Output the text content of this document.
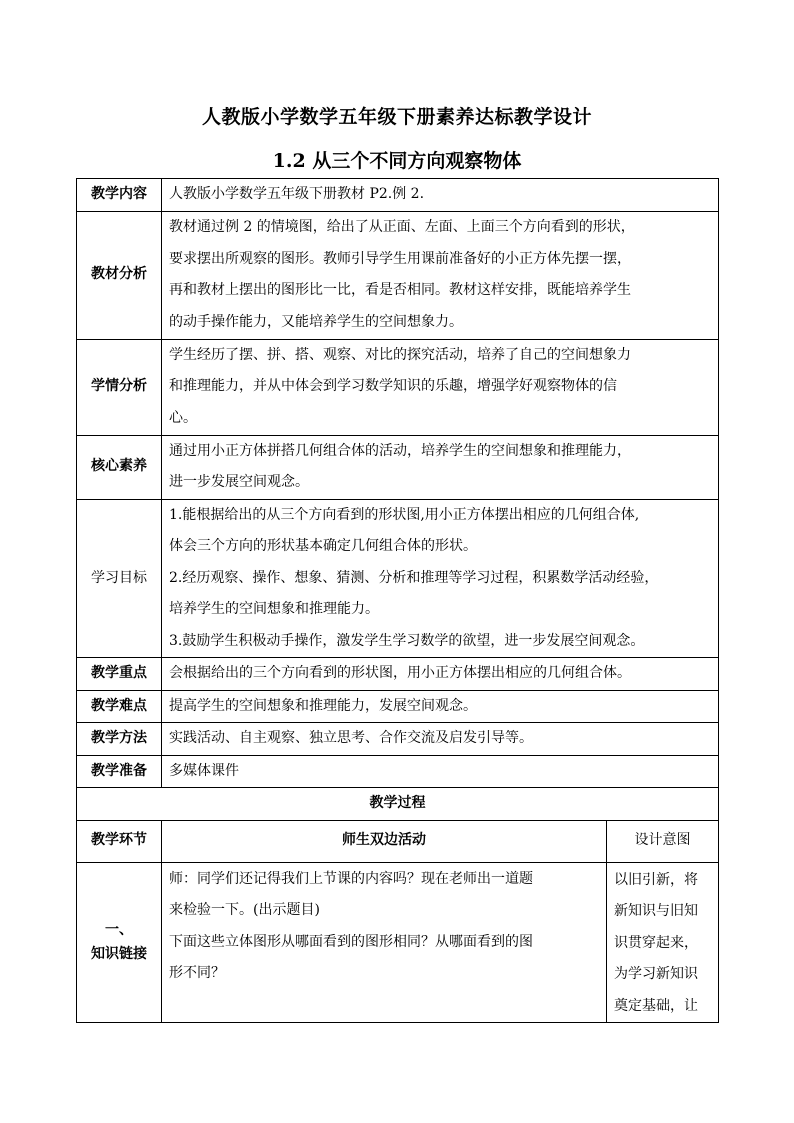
人教版小学数学五年级下册素养达标教学设计
1.2 从三个不同方向观察物体
教学内容	人教版小学数学五年级下册教材 P2.例 2.	
教材分析	教材通过例 2 的情境图，给出了从正面、左面、上面三个方向看到的形状，
要求摆出所观察的图形。教师引导学生用课前准备好的小正方体先摆一摆，
再和教材上摆出的图形比一比，看是否相同。教材这样安排，既能培养学生
的动手操作能力，又能培养学生的空间想象力。	

学情分析	学生经历了摆、拼、搭、观察、对比的探究活动，培养了自己的空间想象力
和推理能力，并从中体会到学习数学知识的乐趣，增强学好观察物体的信
心。	

核心素养	通过用小正方体拼搭几何组合体的活动，培养学生的空间想象和推理能力，
进一步发展空间观念。	

学习目标	1.能根据给出的从三个方向看到的形状图,用小正方体摆出相应的几何组合体,
体会三个方向的形状基本确定几何组合体的形状。
2.经历观察、操作、想象、猜测、分析和推理等学习过程，积累数学活动经验，
培养学生的空间想象和推理能力。
3.鼓励学生积极动手操作，激发学生学习数学的欲望，进一步发展空间观念。	

教学重点	会根据给出的三个方向看到的形状图，用小正方体摆出相应的几何组合体。	
教学难点	提高学生的空间想象和推理能力，发展空间观念。	
教学方法	实践活动、自主观察、独立思考、合作交流及启发引导等。	
教学准备	多媒体课件	
教学过程		
教学环节	师生双边活动	设计意图

一、
知识链接	师：同学们还记得我们上节课的内容吗？现在老师出一道题
来检验一下。(出示题目)
下面这些立体图形从哪面看到的图形相同？从哪面看到的图
形不同？	以旧引新，将
新知识与旧知
识贯穿起来，
为学习新知识
奠定基础，让
